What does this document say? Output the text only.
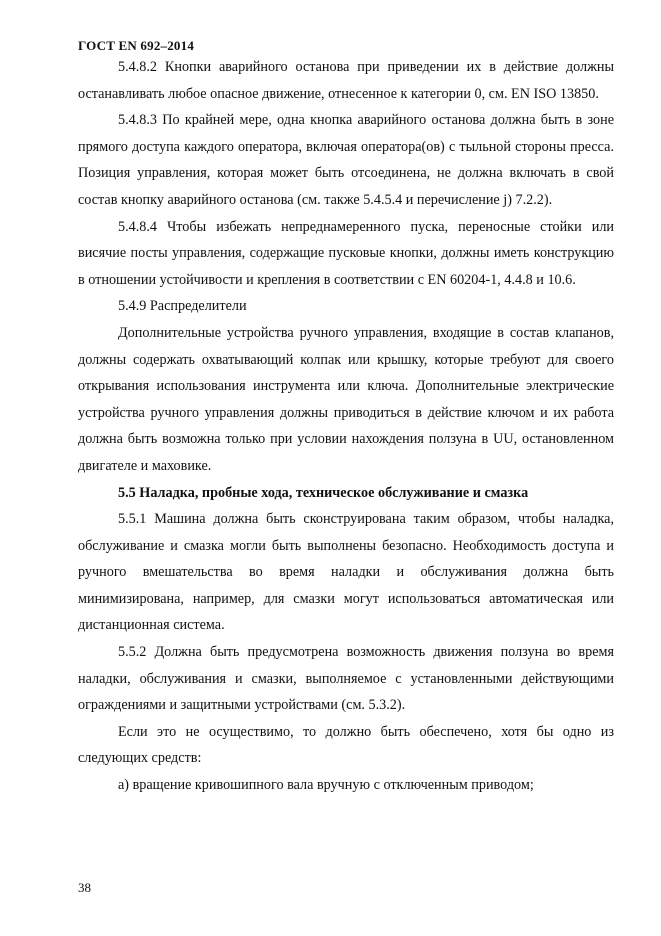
ГОСТ EN 692–2014

5.4.8.2 Кнопки аварийного останова при приведении их в действие должны останавливать любое опасное движение, отнесенное к категории 0, см. EN ISO 13850.

5.4.8.3 По крайней мере, одна кнопка аварийного останова должна быть в зоне прямого доступа каждого оператора, включая оператора(ов) с тыльной стороны пресса. Позиция управления, которая может быть отсоединена, не должна включать в свой состав кнопку аварийного останова (см. также 5.4.5.4 и перечисление j) 7.2.2).

5.4.8.4 Чтобы избежать непреднамеренного пуска, переносные стойки или висячие посты управления, содержащие пусковые кнопки, должны иметь конструкцию в отношении устойчивости и крепления в соответствии с EN 60204-1, 4.4.8 и 10.6.

5.4.9 Распределители

Дополнительные устройства ручного управления, входящие в состав клапанов, должны содержать охватывающий колпак или крышку, которые требуют для своего открывания использования инструмента или ключа. Дополнительные электрические устройства ручного управления должны приводиться в действие ключом и их работа должна быть возможна только при условии нахождения ползуна в UU, остановленном двигателе и маховике.

5.5 Наладка, пробные хода, техническое обслуживание и смазка

5.5.1 Машина должна быть сконструирована таким образом, чтобы наладка, обслуживание и смазка могли быть выполнены безопасно. Необходимость доступа и ручного вмешательства во время наладки и обслуживания должна быть минимизирована, например, для смазки могут использоваться автоматическая или дистанционная система.

5.5.2 Должна быть предусмотрена возможность движения ползуна во время наладки, обслуживания и смазки, выполняемое с установленными действующими ограждениями и защитными устройствами (см. 5.3.2).

Если это не осуществимо, то должно быть обеспечено, хотя бы одно из следующих средств:

a) вращение кривошипного вала вручную с отключенным приводом;

38
